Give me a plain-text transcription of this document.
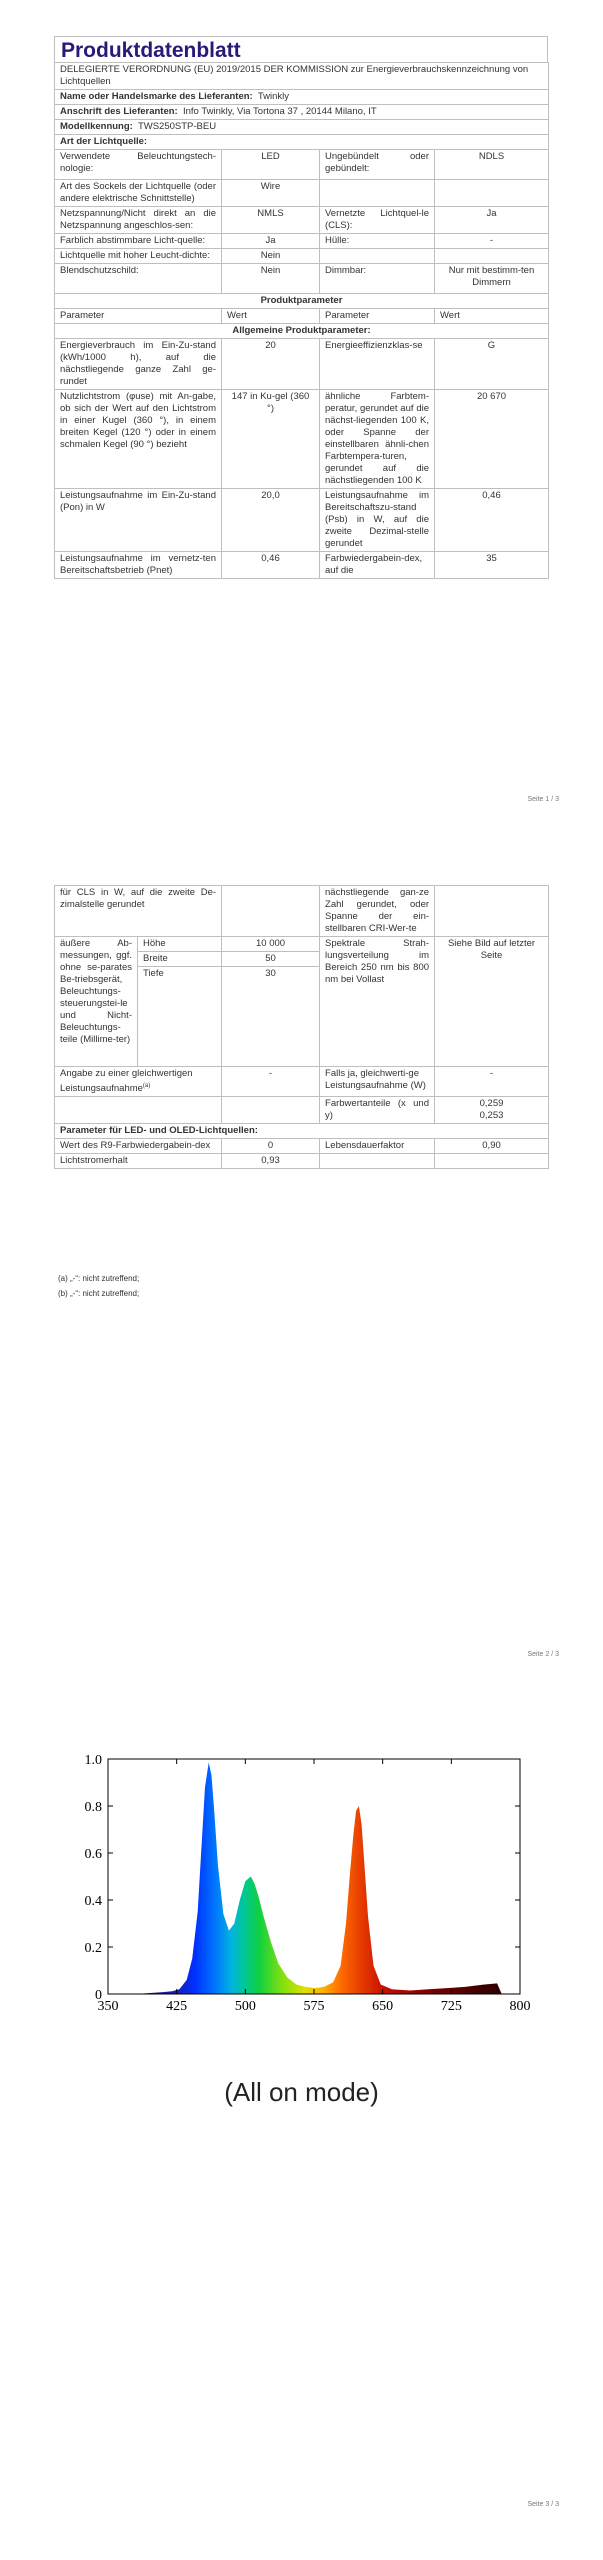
Produktdatenblatt
DELEGIERTE VERORDNUNG (EU) 2019/2015 DER KOMMISSION zur Energieverbrauchskennzeichnung von Lichtquellen			
Name oder Handelsmarke des Lieferanten: Twinkly			
Anschrift des Lieferanten: Info Twinkly, Via Tortona 37 , 20144 Milano, IT			
Modellkennung: TWS250STP-BEU			
Art der Lichtquelle:			
Verwendete Beleuchtungstech-nologie:	LED	Ungebündelt oder gebündelt:	NDLS
Art des Sockels der Lichtquelle (oder andere elektrische Schnittstelle)	Wire		
Netzspannung/Nicht direkt an die Netzspannung angeschlos-sen:	NMLS	Vernetzte Lichtquel-le (CLS):	Ja
Farblich abstimmbare Licht-quelle:	Ja	Hülle:	-
Lichtquelle mit hoher Leucht-dichte:	Nein		
Blendschutzschild:	Nein	Dimmbar:	Nur mit bestimm-ten Dimmern
Produktparameter			
Parameter	Wert	Parameter	Wert
Allgemeine Produktparameter:			
Energieverbrauch im Ein-Zu-stand (kWh/1000 h), auf die nächstliegende ganze Zahl ge-rundet	20	Energieeffizienzklas-se	G
Nutzlichtstrom (φuse) mit An-gabe, ob sich der Wert auf den Lichtstrom in einer Kugel (360 °), in einem breiten Kegel (120 °) oder in einem schmalen Kegel (90 °) bezieht	147 in Ku-gel (360 °)	ähnliche Farbtem-peratur, gerundet auf die nächst-liegenden 100 K, oder Spanne der einstellbaren ähnli-chen Farbtempera-turen, gerundet auf die nächstliegenden 100 K	20 670
Leistungsaufnahme im Ein-Zu-stand (Pon) in W	20,0	Leistungsaufnahme im Bereitschaftszu-stand (Psb) in W, auf die zweite Dezimal-stelle gerundet	0,46
Leistungsaufnahme im vernetz-ten Bereitschaftsbetrieb (Pnet)	0,46	Farbwiedergabein-dex, auf die	35
Seite 1 / 3
für CLS in W, auf die zweite De-zimalstelle gerundet			nächstliegende gan-ze Zahl gerundet, oder Spanne der ein-stellbaren CRI-Wer-te	
äußere Ab-messungen, ggf. ohne se-parates Be-triebsgerät, Beleuchtungs-steuerungstei-le und Nicht-Beleuchtungs-teile (Millime-ter)	Höhe	10 000	Spektrale Strah-lungsverteilung im Bereich 250 nm bis 800 nm bei Vollast	Siehe Bild auf letzter Seite
	Breite	50		
	Tiefe	30		
Angabe zu einer gleichwertigen Leistungsaufnahme$^{(a)}$		-	Falls ja, gleichwerti-ge Leistungsaufnahme (W)	-
			Farbwertanteile (x und y)	0,259
0,253
Parameter für LED- und OLED-Lichtquellen:				
Wert des R9-Farbwiedergabein-dex		0	Lebensdauerfaktor	0,90
Lichtstromerhalt		0,93		
(a) „-“: nicht zutreffend;
(b) „-“: nicht zutreffend;
Seite 2 / 3
350	425	500	575	650	725	800
0
0.2
0.4
0.6
0.8
1.0
(All on mode)
Seite 3 / 3
